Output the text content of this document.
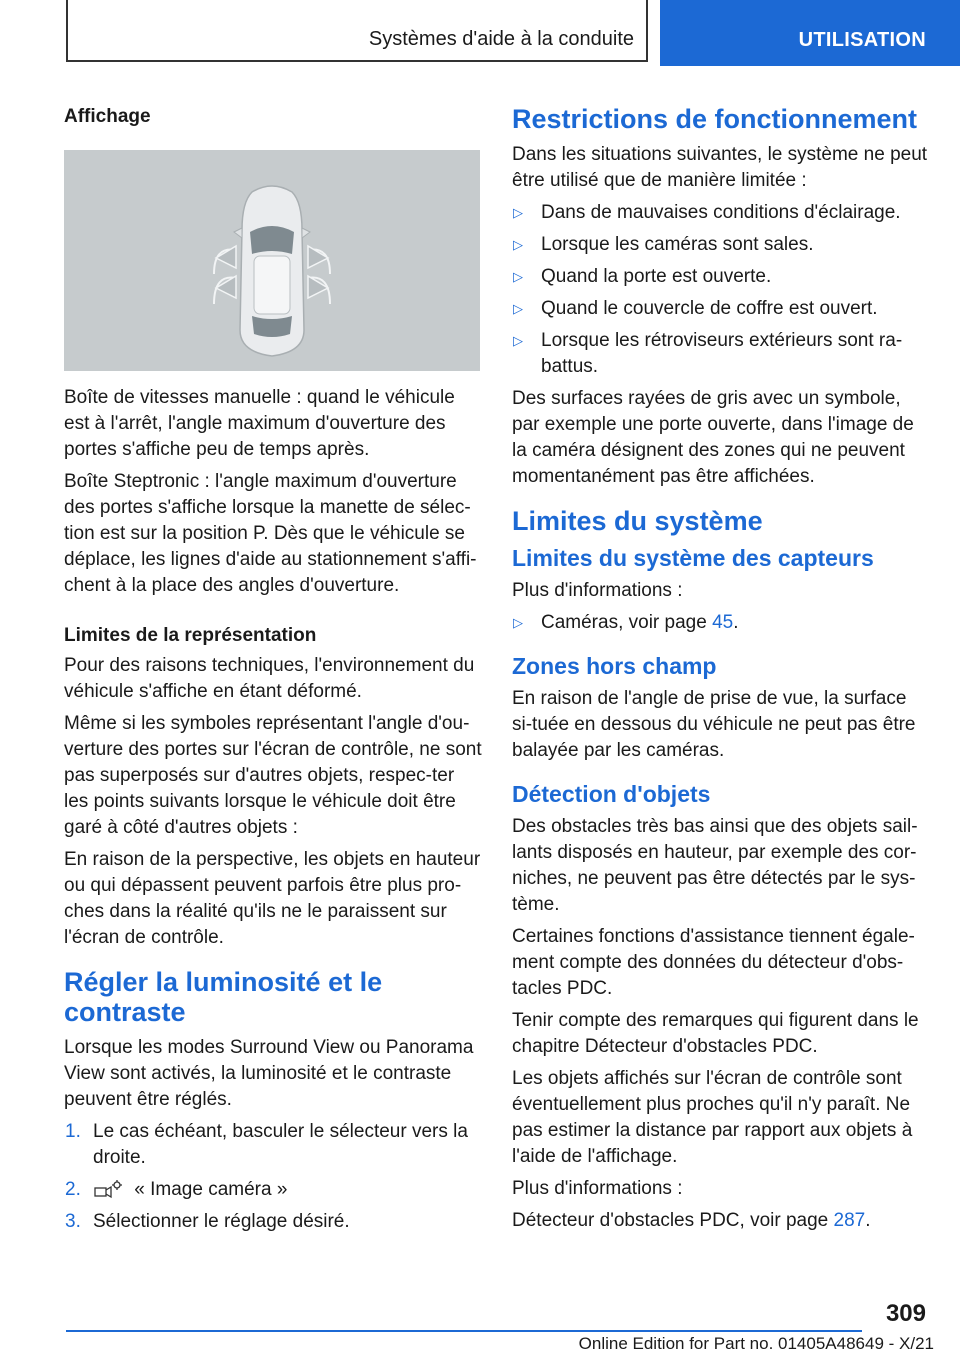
Systèmes d'aide à la conduite	UTILISATION
Affichage

Boîte de vitesses manuelle : quand le véhicule est à l'arrêt, l'angle maximum d'ouverture des portes s'affiche peu de temps après.

Boîte Steptronic : l'angle maximum d'ouverture des portes s'affiche lorsque la manette de sélec-tion est sur la position P. Dès que le véhicule se déplace, les lignes d'aide au stationnement s'affi-chent à la place des angles d'ouverture.

Limites de la représentation

Pour des raisons techniques, l'environnement du véhicule s'affiche en étant déformé.

Même si les symboles représentant l'angle d'ou-verture des portes sur l'écran de contrôle, ne sont pas superposés sur d'autres objets, respec-ter les points suivants lorsque le véhicule doit être garé à côté d'autres objets :

En raison de la perspective, les objets en hauteur ou qui dépassent peuvent parfois être plus pro-ches dans la réalité qu'ils ne le paraissent sur l'écran de contrôle.

Régler la luminosité et le contraste

Lorsque les modes Surround View ou Panorama View sont activés, la luminosité et le contraste peuvent être réglés.

1. Le cas échéant, basculer le sélecteur vers la droite.
2.	« Image caméra »
3. Sélectionner le réglage désiré.
Restrictions de fonctionnement

Dans les situations suivantes, le système ne peut être utilisé que de manière limitée :

▷ Dans de mauvaises conditions d'éclairage.
▷ Lorsque les caméras sont sales.
▷ Quand la porte est ouverte.
▷ Quand le couvercle de coffre est ouvert.
▷ Lorsque les rétroviseurs extérieurs sont ra-battus.

Des surfaces rayées de gris avec un symbole, par exemple une porte ouverte, dans l'image de la caméra désignent des zones qui ne peuvent momentanément pas être affichées.

Limites du système
Limites du système des capteurs

Plus d'informations :

▷ Caméras, voir page 45.
Zones hors champ

En raison de l'angle de prise de vue, la surface si-tuée en dessous du véhicule ne peut pas être balayée par les caméras.

Détection d'objets

Des obstacles très bas ainsi que des objets sail-lants disposés en hauteur, par exemple des cor-niches, ne peuvent pas être détectés par le sys-tème.

Certaines fonctions d'assistance tiennent égale-ment compte des données du détecteur d'obs-tacles PDC.

Tenir compte des remarques qui figurent dans le chapitre Détecteur d'obstacles PDC.

Les objets affichés sur l'écran de contrôle sont éventuellement plus proches qu'il n'y paraît. Ne pas estimer la distance par rapport aux objets à l'aide de l'affichage.

Plus d'informations :

Détecteur d'obstacles PDC, voir page 287.

309
Online Edition for Part no. 01405A48649 - X/21
